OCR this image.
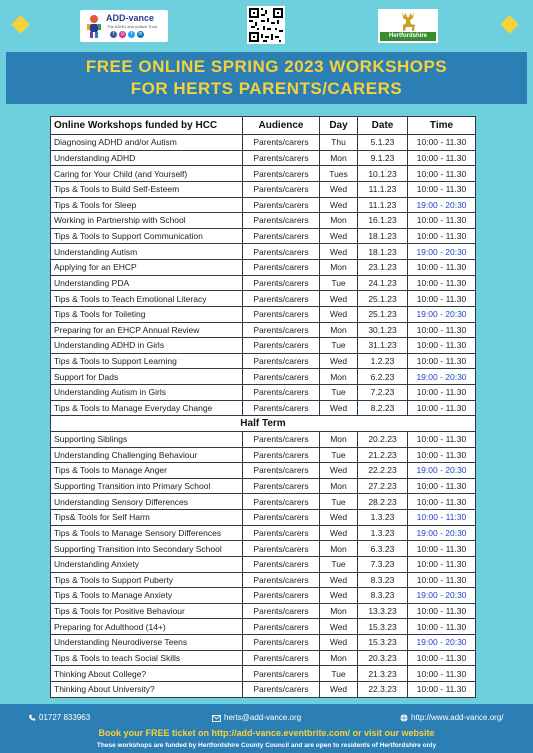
ADD-vance
The ADHD and Autism Trust
f	◎	t	in	Hertfordshire
FREE ONLINE SPRING 2023 WORKSHOPS
FOR HERTS PARENTS/CARERS
Online Workshops funded by HCC	Audience	Day	Date	Time
Diagnosing ADHD and/or Autism	Parents/carers	Thu	5.1.23	10:00 - 11.30
Understanding ADHD	Parents/carers	Mon	9.1.23	10:00 - 11.30
Caring for Your Child (and Yourself)	Parents/carers	Tues	10.1.23	10:00 - 11.30
Tips & Tools to Build Self-Esteem	Parents/carers	Wed	11.1.23	10:00 - 11.30
Tips & Tools for Sleep	Parents/carers	Wed	11.1.23	19:00 - 20:30
Working in Partnership with School	Parents/carers	Mon	16.1.23	10:00 - 11.30
Tips & Tools to Support Communication	Parents/carers	Wed	18.1.23	10:00 - 11.30
Understanding Autism	Parents/carers	Wed	18.1.23	19:00 - 20:30
Applying for an EHCP	Parents/carers	Mon	23.1.23	10:00 - 11.30
Understanding PDA	Parents/carers	Tue	24.1.23	10:00 - 11.30
Tips & Tools to Teach Emotional Literacy	Parents/carers	Wed	25.1.23	10:00 - 11.30
Tips & Tools for Toileting	Parents/carers	Wed	25.1.23	19:00 - 20:30
Preparing for an EHCP Annual Review	Parents/carers	Mon	30.1.23	10:00 - 11.30
Understanding ADHD in Girls	Parents/carers	Tue	31.1.23	10:00 - 11.30
Tips & Tools to Support Learning	Parents/carers	Wed	1.2.23	10:00 - 11.30
Support for Dads	Parents/carers	Mon	6.2.23	19:00 - 20:30
Understanding Autism in Girls	Parents/carers	Tue	7.2.23	10:00 - 11.30
Tips & Tools to Manage Everyday Change	Parents/carers	Wed	8.2.23	10:00 - 11.30
Half Term				
Supporting Siblings	Parents/carers	Mon	20.2.23	10:00 - 11.30
Understanding Challenging Behaviour	Parents/carers	Tue	21.2.23	10:00 - 11.30
Tips & Tools to Manage Anger	Parents/carers	Wed	22.2.23	19:00 - 20:30
Supporting Transition into Primary School	Parents/carers	Mon	27.2.23	10:00 - 11.30
Understanding Sensory Differences	Parents/carers	Tue	28.2.23	10:00 - 11.30
Tips& Tools for Self Harm	Parents/carers	Wed	1.3.23	10:00 - 11:30
Tips & Tools to Manage Sensory Differences	Parents/carers	Wed	1.3.23	19:00 - 20:30
Supporting Transition into Secondary School	Parents/carers	Mon	6.3.23	10:00 - 11.30
Understanding Anxiety	Parents/carers	Tue	7.3.23	10:00 - 11.30
Tips & Tools to Support Puberty	Parents/carers	Wed	8.3.23	10:00 - 11.30
Tips & Tools to Manage Anxiety	Parents/carers	Wed	8.3.23	19:00 - 20:30
Tips & Tools for Positive Behaviour	Parents/carers	Mon	13.3.23	10:00 - 11.30
Preparing for Adulthood (14+)	Parents/carers	Wed	15.3.23	10:00 - 11.30
Understanding Neurodiverse Teens	Parents/carers	Wed	15.3.23	19:00 - 20:30
Tips & Tools to teach Social Skills	Parents/carers	Mon	20.3.23	10:00 - 11.30
Thinking About College?	Parents/carers	Tue	21.3.23	10:00 - 11.30
Thinking About University?	Parents/carers	Wed	22.3.23	10:00 - 11.30
01727 833963	herts@add-vance.org	http://www.add-vance.org/
Book your FREE ticket on http://add-vance.eventbrite.com/ or visit our website
These workshops are funded by Hertfordshire County Council and are open to residents of Hertfordshire only
